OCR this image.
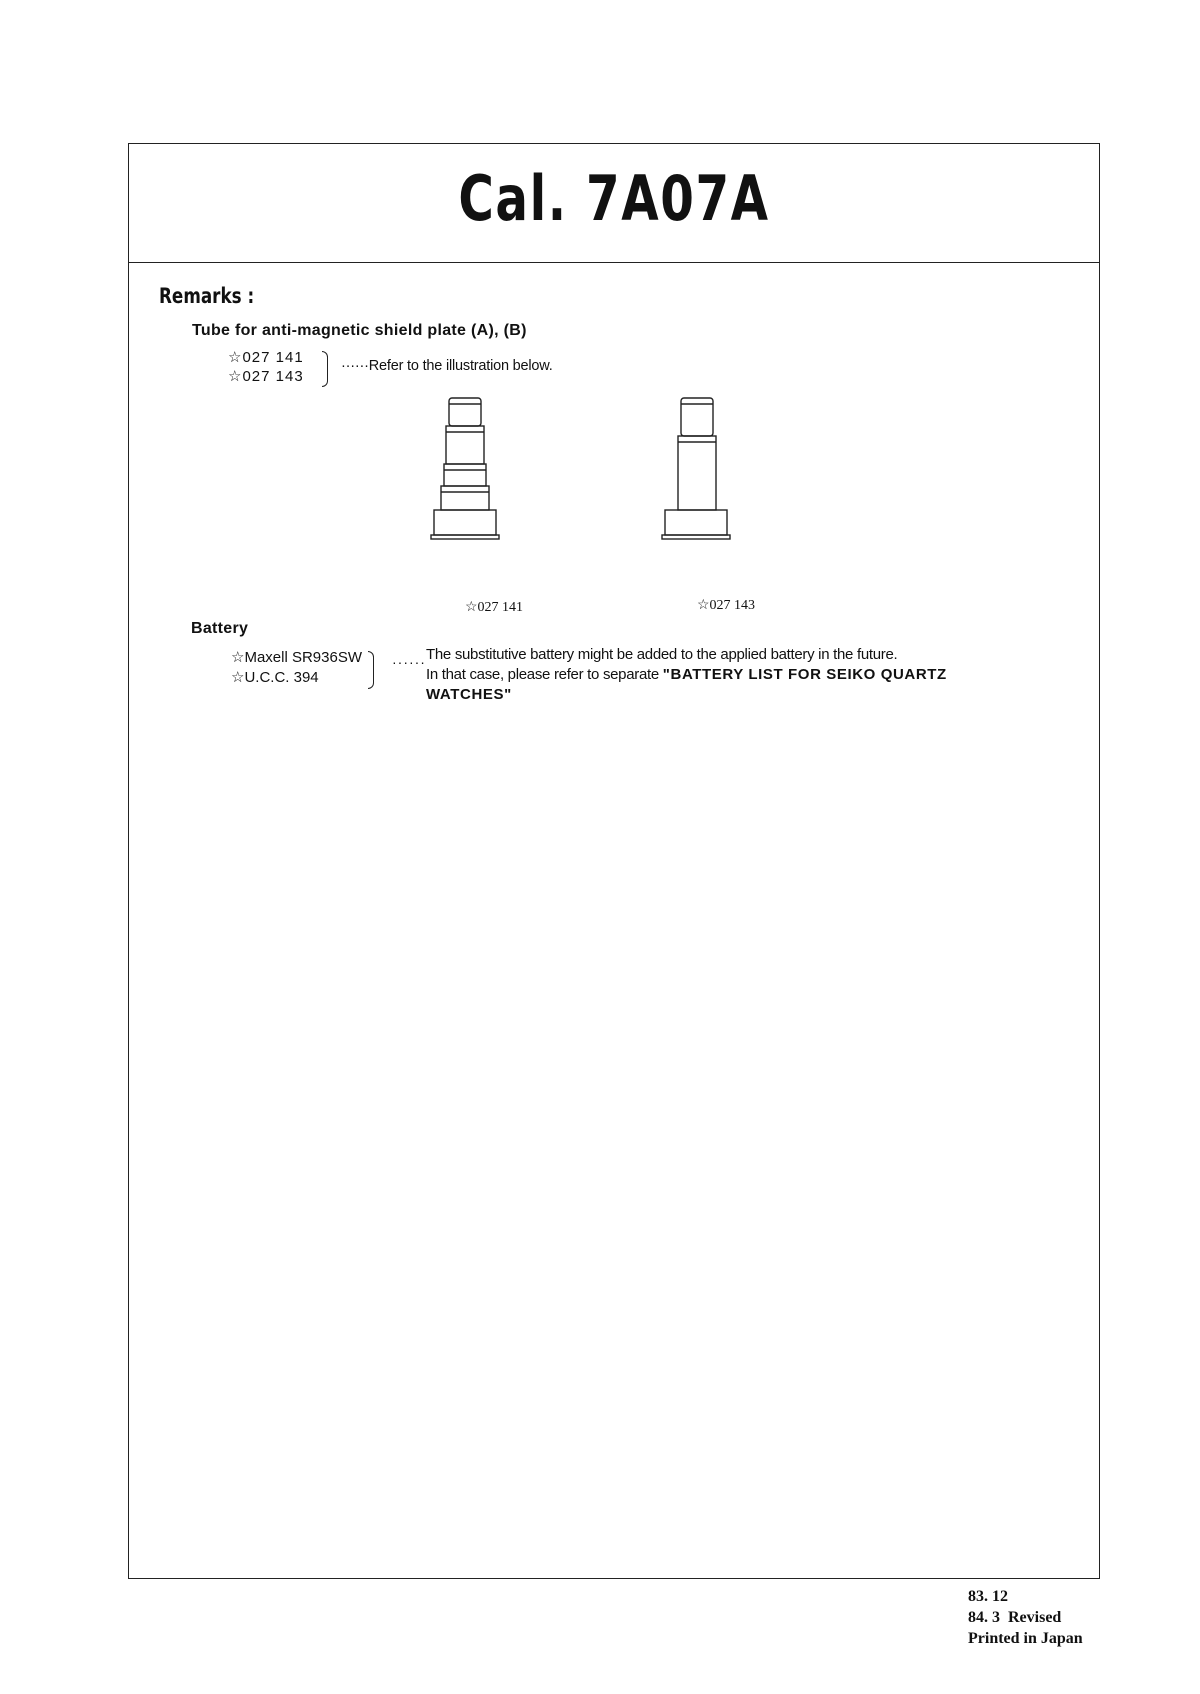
Cal. 7A07A
Remarks :
Tube for anti-magnetic shield plate (A), (B)
☆027 141
☆027 143
······Refer to the illustration below.
☆027 141	☆027 143
Battery
☆Maxell SR936SW
☆U.C.C. 394
······ The substitutive battery might be added to the applied battery in the future.
In that case, please refer to separate "BATTERY LIST FOR SEIKO QUARTZ WATCHES"
83. 12
84. 3  Revised
Printed in Japan
